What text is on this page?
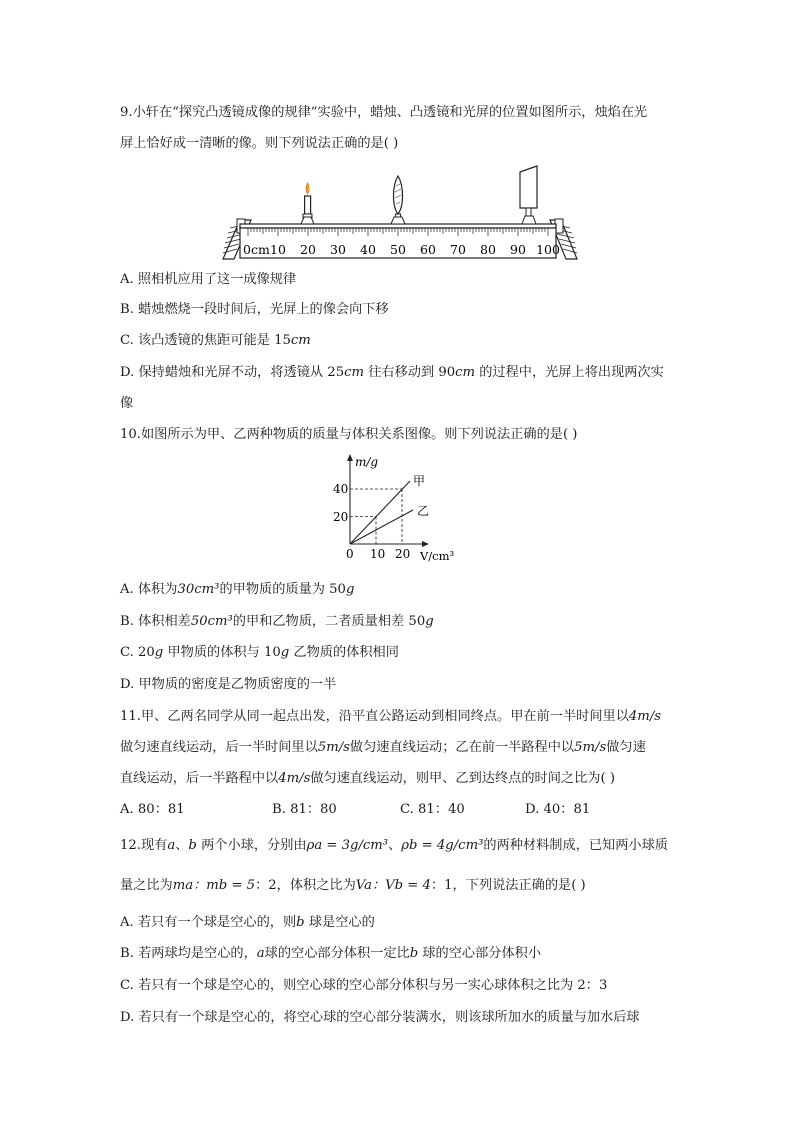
9.小轩在“探究凸透镜成像的规律”实验中，蜡烛、凸透镜和光屏的位置如图所示，烛焰在光
屏上恰好成一清晰的像。则下列说法正确的是( )
0cm 10 20 30 40 50 60 70 80 90 100
A. 照相机应用了这一成像规律
B. 蜡烛燃烧一段时间后，光屏上的像会向下移
C. 该凸透镜的焦距可能是 15cm
D. 保持蜡烛和光屏不动，将透镜从 25cm 往右移动到 90cm 的过程中，光屏上将出现两次实
像
10.如图所示为甲、乙两种物质的质量与体积关系图像。则下列说法正确的是( )
m/g
V/cm³
0 10 20
20
40
甲
乙
A. 体积为30cm³的甲物质的质量为 50g
B. 体积相差50cm³的甲和乙物质，二者质量相差 50g
C. 20g 甲物质的体积与 10g 乙物质的体积相同
D. 甲物质的密度是乙物质密度的一半
11.甲、乙两名同学从同一起点出发，沿平直公路运动到相同终点。甲在前一半时间里以4m/s
做匀速直线运动，后一半时间里以5m/s做匀速直线运动；乙在前一半路程中以5m/s做匀速
直线运动，后一半路程中以4m/s做匀速直线运动，则甲、乙到达终点的时间之比为( )
A. 80：81	B. 81：80	C. 81：40	D. 40：81
12.现有a、b 两个小球，分别由ρa = 3g/cm³、ρb = 4g/cm³的两种材料制成，已知两小球质
量之比为ma：mb = 5：2，体积之比为Va：Vb = 4：1，下列说法正确的是( )
A. 若只有一个球是空心的，则b 球是空心的
B. 若两球均是空心的，a球的空心部分体积一定比b 球的空心部分体积小
C. 若只有一个球是空心的，则空心球的空心部分体积与另一实心球体积之比为 2：3
D. 若只有一个球是空心的，将空心球的空心部分装满水，则该球所加水的质量与加水后球
